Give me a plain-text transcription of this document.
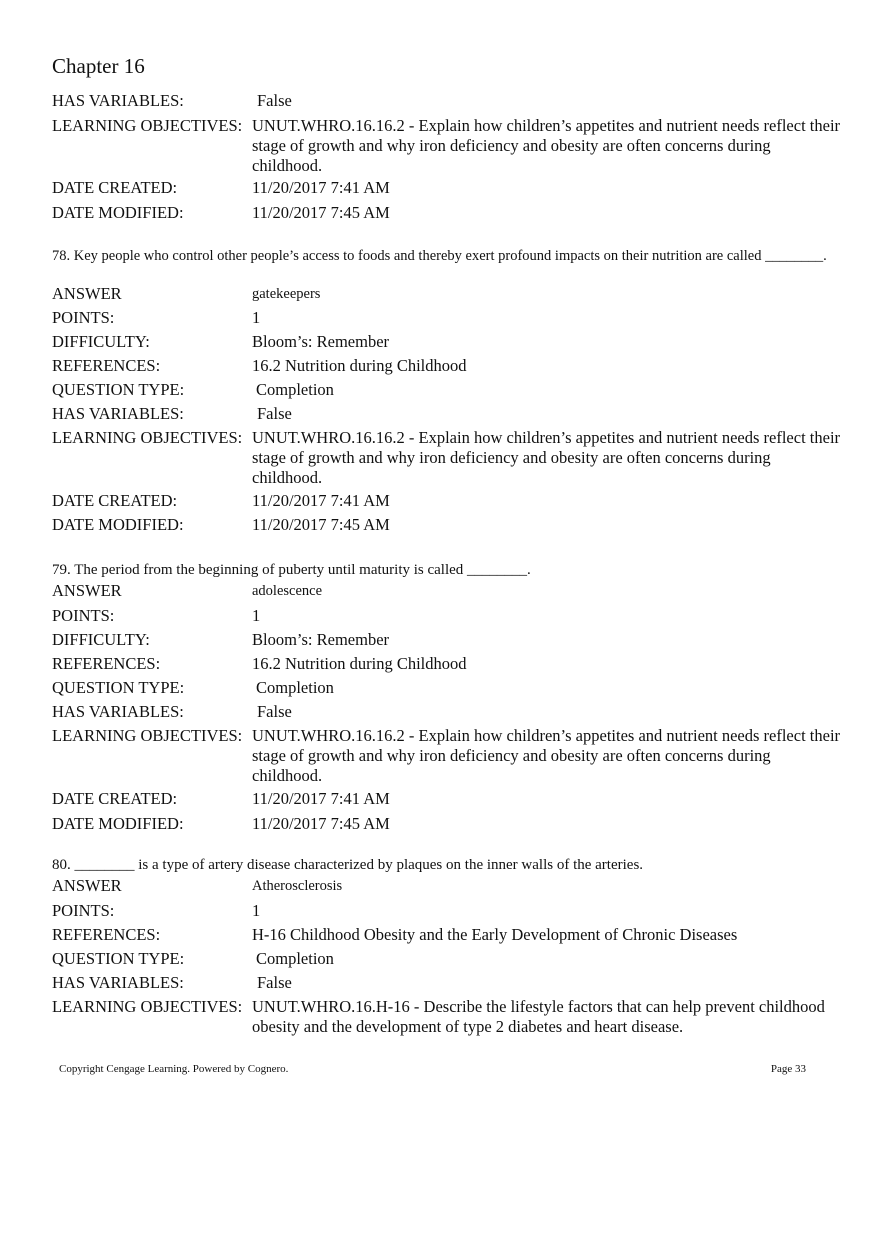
Chapter 16
HAS VARIABLES:	False
LEARNING OBJECTIVES: UNUT.WHRO.16.16.2 - Explain how children’s appetites and nutrient needs reflect their stage of growth and why iron deficiency and obesity are often concerns during childhood.
DATE CREATED:	11/20/2017 7:41 AM
DATE MODIFIED:	11/20/2017 7:45 AM

78. Key people who control other people’s access to foods and thereby exert profound impacts on their nutrition are called ________.

ANSWER	gatekeepers
POINTS:	1
DIFFICULTY:	Bloom’s: Remember
REFERENCES:	16.2 Nutrition during Childhood
QUESTION TYPE:	Completion
HAS VARIABLES:	False
LEARNING OBJECTIVES: UNUT.WHRO.16.16.2 - Explain how children’s appetites and nutrient needs reflect their stage of growth and why iron deficiency and obesity are often concerns during childhood.
DATE CREATED:	11/20/2017 7:41 AM
DATE MODIFIED:	11/20/2017 7:45 AM

79. The period from the beginning of puberty until maturity is called ________.

ANSWER	adolescence
POINTS:	1
DIFFICULTY:	Bloom’s: Remember
REFERENCES:	16.2 Nutrition during Childhood
QUESTION TYPE:	Completion
HAS VARIABLES:	False
LEARNING OBJECTIVES: UNUT.WHRO.16.16.2 - Explain how children’s appetites and nutrient needs reflect their stage of growth and why iron deficiency and obesity are often concerns during childhood.
DATE CREATED:	11/20/2017 7:41 AM
DATE MODIFIED:	11/20/2017 7:45 AM

80. ________ is a type of artery disease characterized by plaques on the inner walls of the arteries.

ANSWER	Atherosclerosis
POINTS:	1
REFERENCES:	H-16 Childhood Obesity and the Early Development of Chronic Diseases
QUESTION TYPE:	Completion
HAS VARIABLES:	False
LEARNING OBJECTIVES: UNUT.WHRO.16.H-16 - Describe the lifestyle factors that can help prevent childhood obesity and the development of type 2 diabetes and heart disease.
Copyright Cengage Learning. Powered by Cognero.	Page 33
